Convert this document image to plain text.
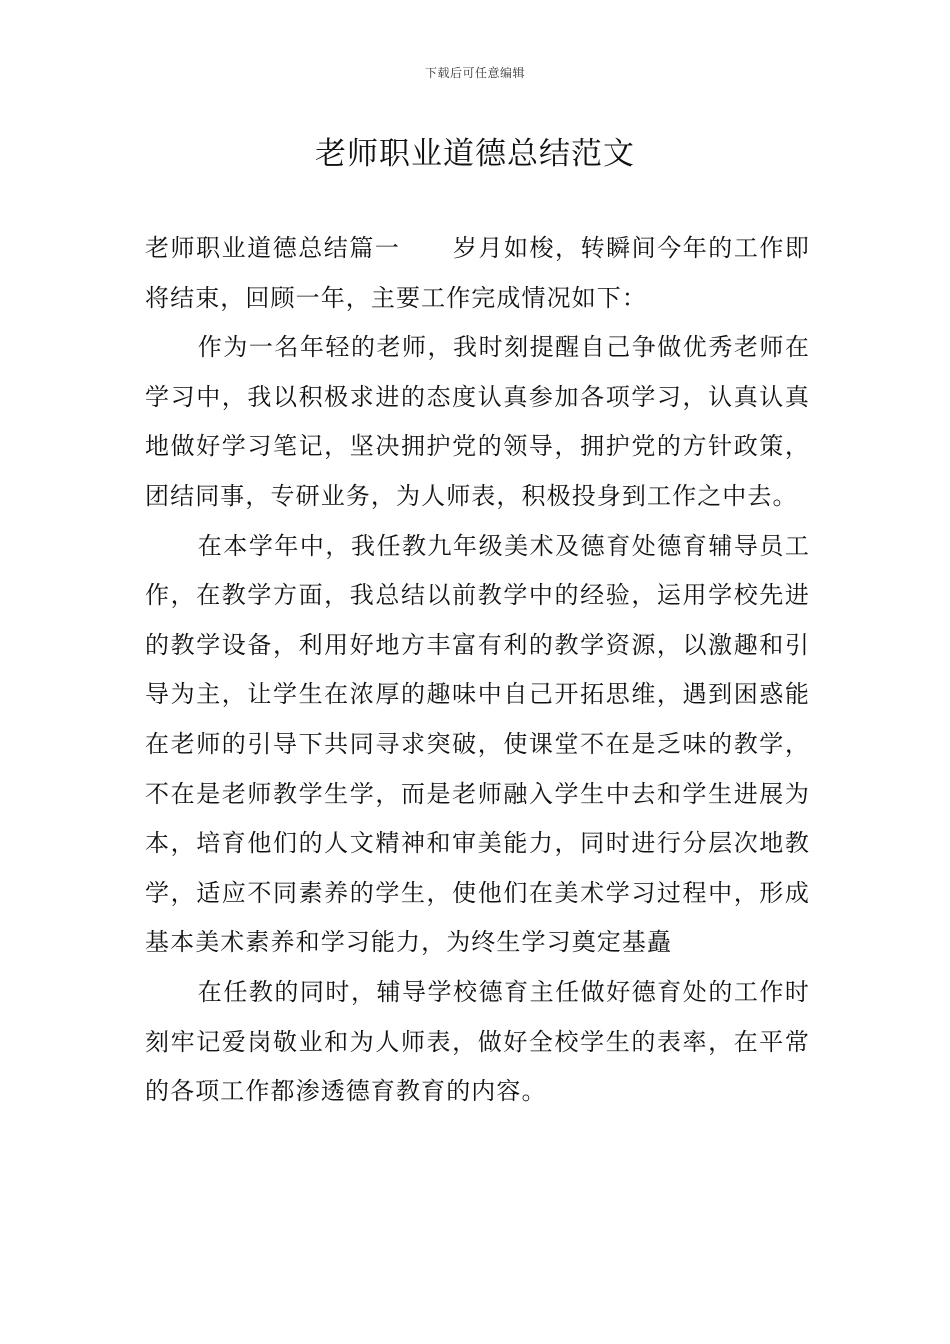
下载后可任意编辑
老师职业道德总结范文

老师职业道德总结篇一 岁月如梭，转瞬间今年的工作即将结束，回顾一年，主要工作完成情况如下：

作为一名年轻的老师，我时刻提醒自己争做优秀老师在学习中，我以积极求进的态度认真参加各项学习，认真认真地做好学习笔记，坚决拥护党的领导，拥护党的方针政策，团结同事，专研业务，为人师表，积极投身到工作之中去。

在本学年中，我任教九年级美术及德育处德育辅导员工作，在教学方面，我总结以前教学中的经验，运用学校先进的教学设备，利用好地方丰富有利的教学资源，以激趣和引导为主，让学生在浓厚的趣味中自己开拓思维，遇到困惑能在老师的引导下共同寻求突破，使课堂不在是乏味的教学，不在是老师教学生学，而是老师融入学生中去和学生进展为本，培育他们的人文精神和审美能力，同时进行分层次地教学，适应不同素养的学生，使他们在美术学习过程中，形成基本美术素养和学习能力，为终生学习奠定基矗

在任教的同时，辅导学校德育主任做好德育处的工作时刻牢记爱岗敬业和为人师表，做好全校学生的表率，在平常的各项工作都渗透德育教育的内容。
